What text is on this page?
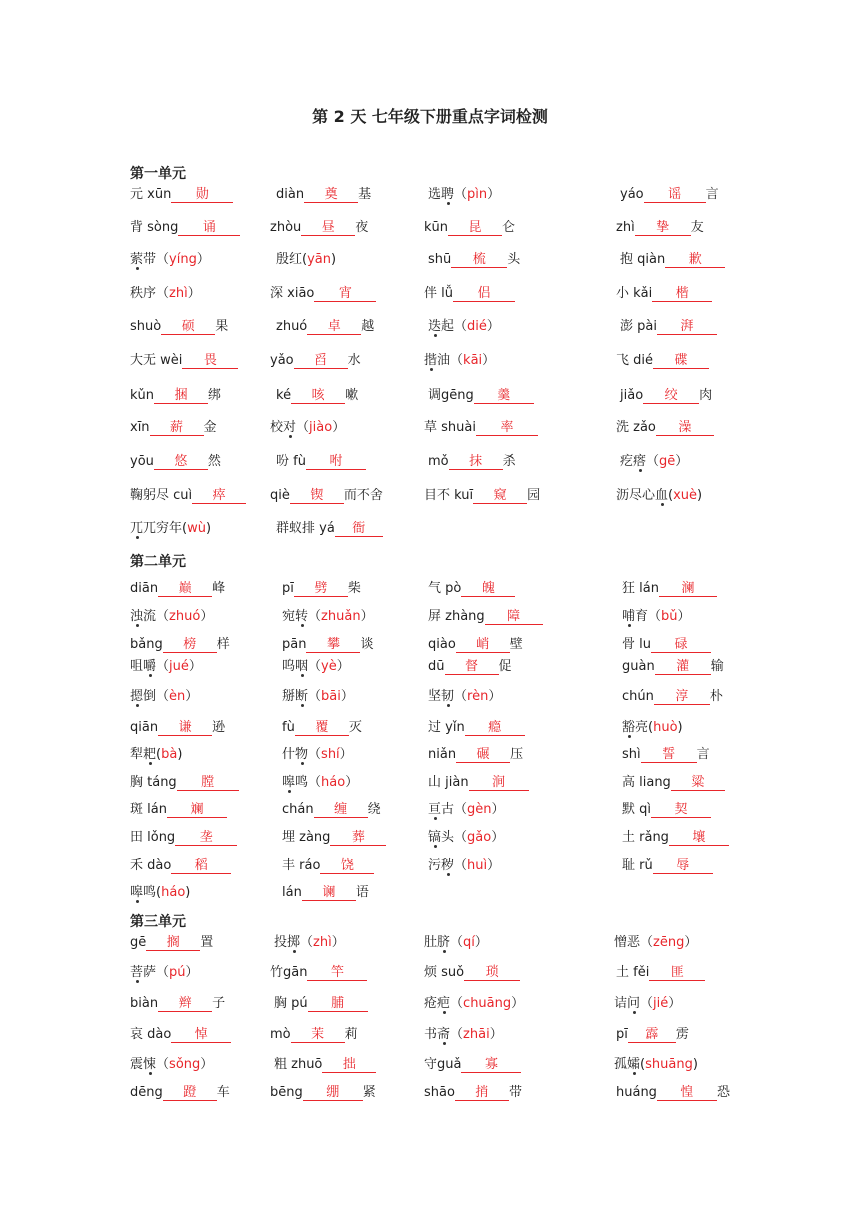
第 2 天 七年级下册重点字词检测
第一单元
元 xūn 勋	diàn 奠 基	选聘（pìn）	yáo 谣 言
背 sòng 诵	zhòu 昼 夜	kūn 昆 仑	zhì 挚 友
萦带（yíng）	殷红(yān)	shū 梳 头	抱 qiàn 歉
秩序（zhì）	深 xiāo 宵	伴 lǚ 侣	小 kǎi 楷
shuò 硕 果	zhuó 卓 越	迭起（dié）	澎 pài 湃
大无 wèi 畏	yǎo 舀 水	揩油（kāi）	飞 dié 碟
kǔn 捆 绑	ké 咳 嗽	调gēng 羹	jiǎo 绞 肉
xīn 薪 金	校对（jiào）	草 shuài 率	洗 zǎo 澡
yōu 悠 然	吩 fù 咐	mǒ 抹 杀	疙瘩（gē）
鞠躬尽 cuì 瘁	qiè 锲 而不舍	目不 kuī 窥 园	沥尽心血(xuè)
兀兀穷年(wù)	群蚁排 yá 衙
第二单元
diān 巅 峰	pī 劈 柴	气 pò 魄	狂 lán 澜
浊流（zhuó）	宛转（zhuǎn）	屏 zhàng 障	哺育（bǔ）
bǎng 榜 样	pān 攀 谈	qiào 峭 壁	骨 lu 碌
咀嚼（jué）	呜咽（yè）	dū 督 促	guàn 灌 输
摁倒（èn）	掰断（bāi）	坚韧（rèn）	chún 淳 朴
qiān 谦 逊	fù 覆 灭	过 yǐn 瘾	豁亮(huò)
犁耙(bà)	什物（shí）	niǎn 碾 压	shì 誓 言
胸 táng 膛	嗥鸣（háo）	山 jiàn 涧	高 liang 粱
斑 lán 斓	chán 缠 绕	亘古（gèn）	默 qì 契
田 lǒng 垄	埋 zàng 葬	镐头（gǎo）	土 rǎng 壤
禾 dào 稻	丰 ráo 饶	污秽（huì）	耻 rǔ 辱
嗥鸣(háo)	lán 谰 语
第三单元
gē 搁 置	投掷（zhì）	肚脐（qí）	憎恶（zēng）
菩萨（pú）	竹gān 竿	烦 suǒ 琐	土 fěi 匪
biàn 辫 子	胸 pú 脯	疮疤（chuāng）	诘问（jié）
哀 dào 悼	mò 茉 莉	书斋（zhāi）	pī 霹 雳
震悚（sǒng）	粗 zhuō 拙	守guǎ 寡	孤孀(shuāng)
dēng 蹬 车	bēng 绷 紧	shāo 捎 带	huáng 惶 恐
